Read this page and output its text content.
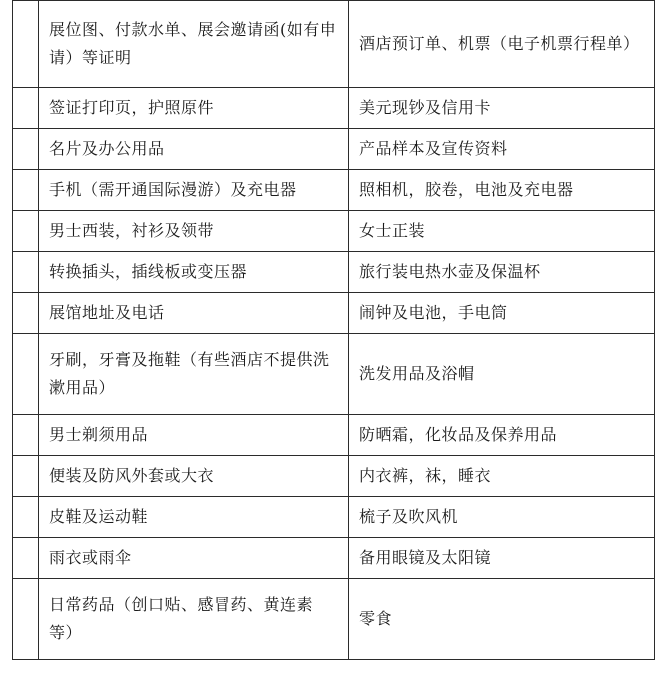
	展位图、付款水单、展会邀请函(如有申请）等证明	酒店预订单、机票（电子机票行程单）
	签证打印页，护照原件	美元现钞及信用卡
	名片及办公用品	产品样本及宣传资料
	手机（需开通国际漫游）及充电器	照相机，胶卷，电池及充电器
	男士西装，衬衫及领带	女士正装
	转换插头，插线板或变压器	旅行装电热水壶及保温杯
	展馆地址及电话	闹钟及电池，手电筒
	牙刷，牙膏及拖鞋（有些酒店不提供洗漱用品）	洗发用品及浴帽
	男士剃须用品	防晒霜，化妆品及保养用品
	便装及防风外套或大衣	内衣裤，袜，睡衣
	皮鞋及运动鞋	梳子及吹风机
	雨衣或雨伞	备用眼镜及太阳镜
	日常药品（创口贴、感冒药、黄连素等）	零食
